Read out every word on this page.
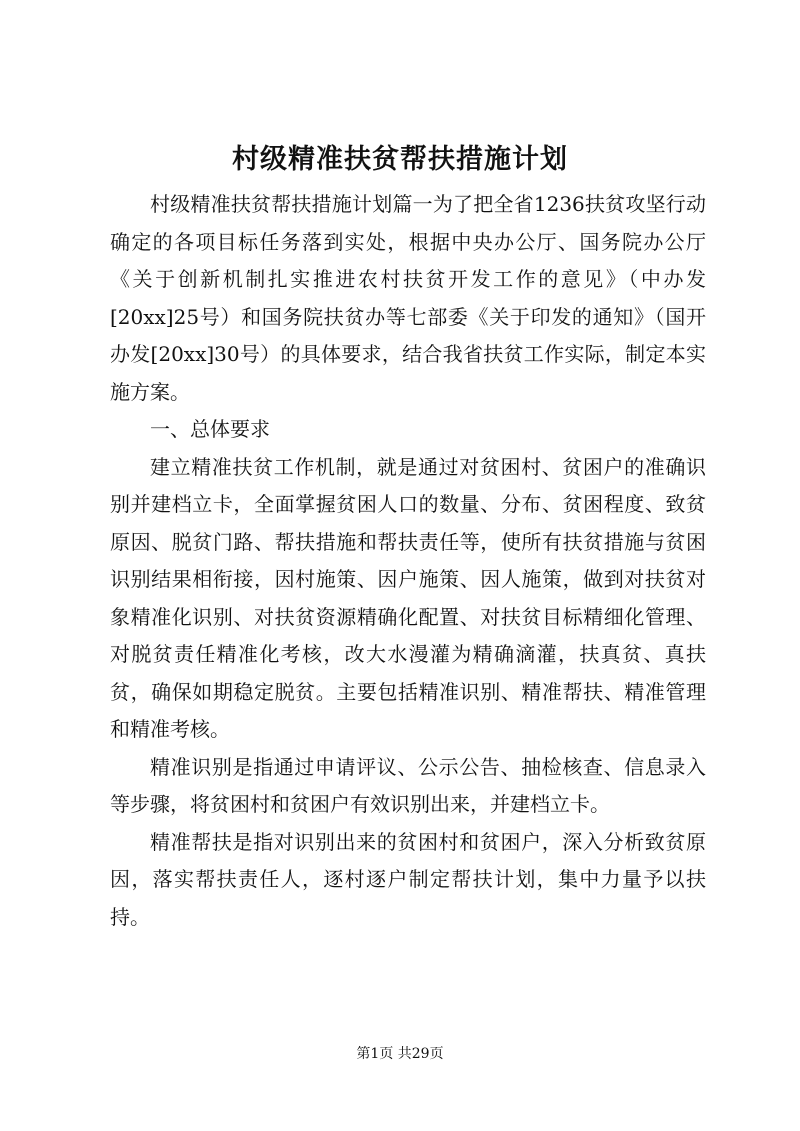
村级精准扶贫帮扶措施计划

村级精准扶贫帮扶措施计划篇一为了把全省1236扶贫攻坚行动确定的各项目标任务落到实处，根据中央办公厅、国务院办公厅《关于创新机制扎实推进农村扶贫开发工作的意见》（中办发[20xx]25号）和国务院扶贫办等七部委《关于印发的通知》（国开办发[20xx]30号）的具体要求，结合我省扶贫工作实际，制定本实施方案。

一、总体要求

建立精准扶贫工作机制，就是通过对贫困村、贫困户的准确识别并建档立卡，全面掌握贫困人口的数量、分布、贫困程度、致贫原因、脱贫门路、帮扶措施和帮扶责任等，使所有扶贫措施与贫困识别结果相衔接，因村施策、因户施策、因人施策，做到对扶贫对象精准化识别、对扶贫资源精确化配置、对扶贫目标精细化管理、对脱贫责任精准化考核，改大水漫灌为精确滴灌，扶真贫、真扶贫，确保如期稳定脱贫。主要包括精准识别、精准帮扶、精准管理和精准考核。

精准识别是指通过申请评议、公示公告、抽检核查、信息录入等步骤，将贫困村和贫困户有效识别出来，并建档立卡。

精准帮扶是指对识别出来的贫困村和贫困户，深入分析致贫原因，落实帮扶责任人，逐村逐户制定帮扶计划，集中力量予以扶持。

第1页 共29页
